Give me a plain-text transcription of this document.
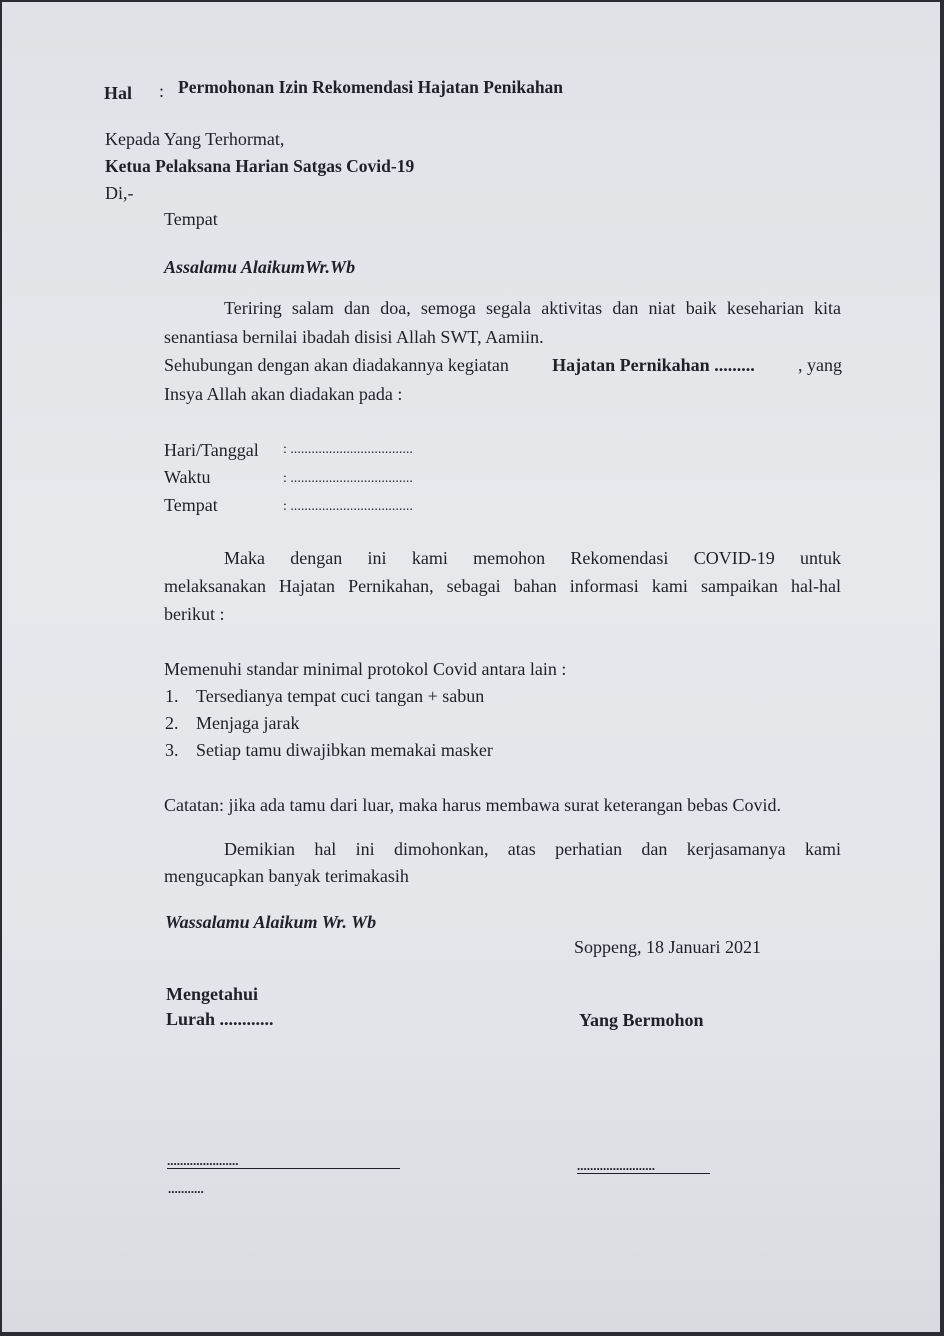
Hal : Permohonan Izin Rekomendasi Hajatan Penikahan
Kepada Yang Terhormat,
Ketua Pelaksana Harian Satgas Covid-19
Di,-
Tempat
Assalamu AlaikumWr.Wb
Teriring salam dan doa, semoga segala aktivitas dan niat baik keseharian kita
senantiasa bernilai ibadah disisi Allah SWT, Aamiin.
Sehubungan dengan akan diadakannya kegiatan Hajatan Pernikahan ......... , yang
Insya Allah akan diadakan pada :
Hari/Tanggal : ...................................
Waktu	: ...................................
Tempat	: ...................................
Maka dengan ini kami memohon Rekomendasi COVID-19 untuk
melaksanakan Hajatan Pernikahan, sebagai bahan informasi kami sampaikan hal-hal
berikut :
Memenuhi standar minimal protokol Covid antara lain :
1. Tersedianya tempat cuci tangan + sabun
2. Menjaga jarak
3. Setiap tamu diwajibkan memakai masker
Catatan: jika ada tamu dari luar, maka harus membawa surat keterangan bebas Covid.
Demikian hal ini dimohonkan, atas perhatian dan kerjasamanya kami
mengucapkan banyak terimakasih
Wassalamu Alaikum Wr. Wb
Soppeng, 18 Januari 2021
Mengetahui
Lurah ............	Yang Bermohon
......................
...........
........................
